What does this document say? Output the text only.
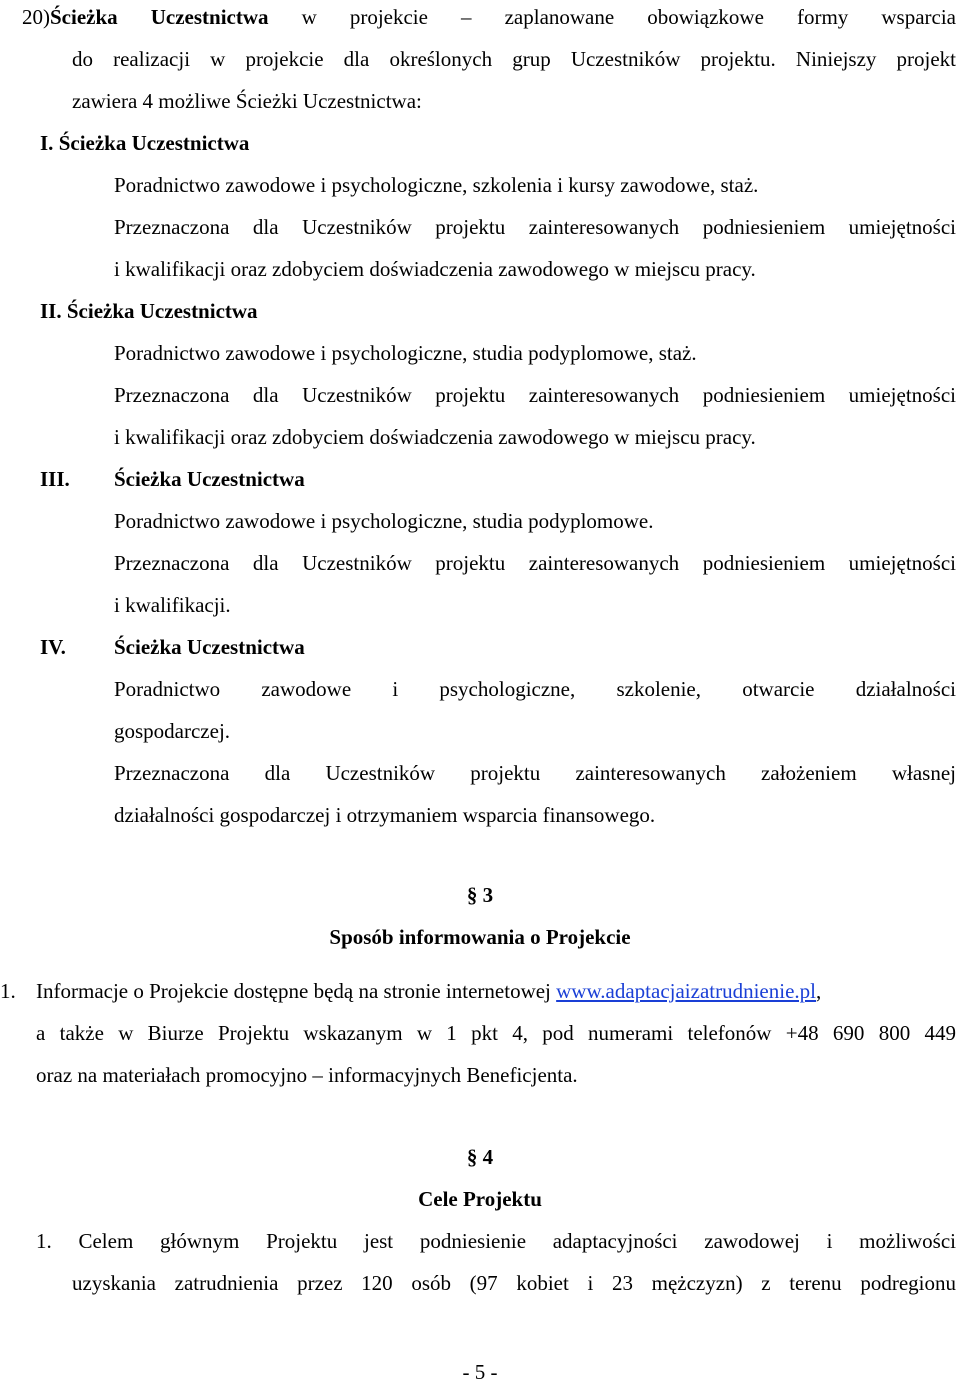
20)Ścieżka Uczestnictwa w projekcie – zaplanowane obowiązkowe formy wsparcia
do realizacji w projekcie dla określonych grup Uczestników projektu. Niniejszy projekt
zawiera 4 możliwe Ścieżki Uczestnictwa:
I. Ścieżka Uczestnictwa
Poradnictwo zawodowe i psychologiczne, szkolenia i kursy zawodowe, staż.
Przeznaczona dla Uczestników projektu zainteresowanych podniesieniem umiejętności
i kwalifikacji oraz zdobyciem doświadczenia zawodowego w miejscu pracy.
II. Ścieżka Uczestnictwa
Poradnictwo zawodowe i psychologiczne, studia podyplomowe, staż.
Przeznaczona dla Uczestników projektu zainteresowanych podniesieniem umiejętności
i kwalifikacji oraz zdobyciem doświadczenia zawodowego w miejscu pracy.
III. Ścieżka Uczestnictwa
Poradnictwo zawodowe i psychologiczne, studia podyplomowe.
Przeznaczona dla Uczestników projektu zainteresowanych podniesieniem umiejętności
i kwalifikacji.
IV. Ścieżka Uczestnictwa
Poradnictwo zawodowe i psychologiczne, szkolenie, otwarcie działalności
gospodarczej.
Przeznaczona dla Uczestników projektu zainteresowanych założeniem własnej
działalności gospodarczej i otrzymaniem wsparcia finansowego.
§ 3
Sposób informowania o Projekcie
1. Informacje o Projekcie dostępne będą na stronie internetowej www.adaptacjaizatrudnienie.pl,
a także w Biurze Projektu wskazanym w 1 pkt 4, pod numerami telefonów +48 690 800 449
oraz na materiałach promocyjno – informacyjnych Beneficjenta.
§ 4
Cele Projektu
1. Celem głównym Projektu jest podniesienie adaptacyjności zawodowej i możliwości
uzyskania zatrudnienia przez 120 osób (97 kobiet i 23 mężczyzn) z terenu podregionu
- 5 -
